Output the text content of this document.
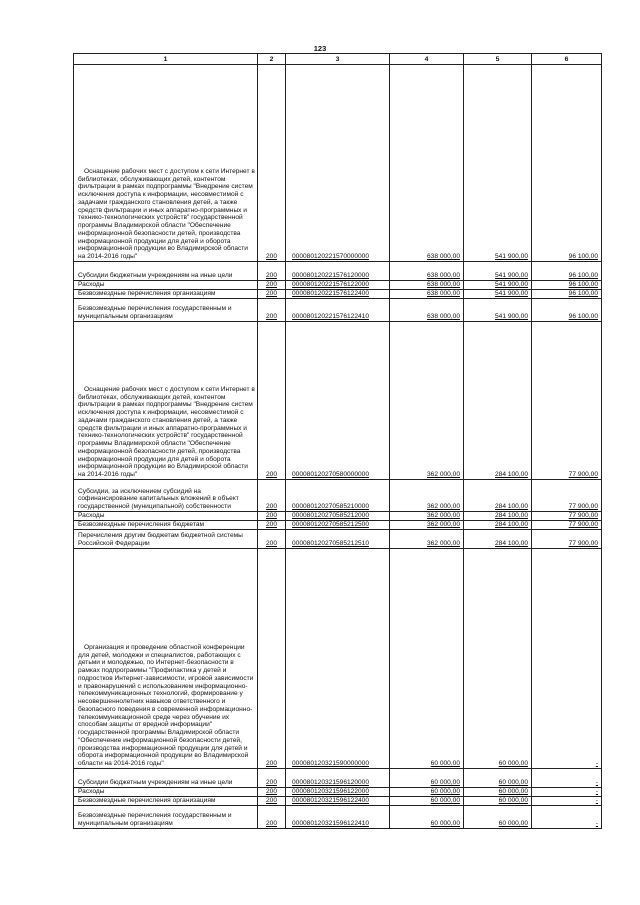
123
1	2	3	4	5	6

Оснащение рабочих мест с доступом к сети Интернет в библиотеках, обслуживающих детей, контентом фильтрации в рамках подпрограммы "Внедрение систем исключения доступа к информации, несовместимой с задачами гражданского становления детей, а также средств фильтрации и иных аппаратно-программных и технико-технологических устройств" государственной программы Владимирской области "Обеспечение информационной безопасности детей, производства информационной продукции для детей и оборота информационной продукции во Владимирской области на 2014-2016 годы"	200	000080120221570000000	638 000,00	541 900,00	96 100,00
Субсидии бюджетным учреждениям на иные цели	200	000080120221576120000	638 000,00	541 900,00	96 100,00
Расходы	200	000080120221576122000	638 000,00	541 900,00	96 100,00
Безвозмездные перечисления организациям	200	000080120221576122400	638 000,00	541 900,00	96 100,00
Безвозмездные перечисления государственным и муниципальным организациям	200	000080120221576122410	638 000,00	541 900,00	96 100,00

Оснащение рабочих мест с доступом к сети Интернет в библиотеках, обслуживающих детей, контентом фильтрации в рамках подпрограммы "Внедрение систем исключения доступа к информации, несовместимой с задачами гражданского становления детей, а также средств фильтрации и иных аппаратно-программных и технико-технологических устройств" государственной программы Владимирской области "Обеспечение информационной безопасности детей, производства информационной продукции для детей и оборота информационной продукции во Владимирской области на 2014-2016 годы"	200	000080120270580000000	362 000,00	284 100,00	77 900,00
Субсидии, за исключением субсидий на софинансирование капитальных вложений в объект государственной (муниципальной) собственности	200	000080120270585210000	362 000,00	284 100,00	77 900,00
Расходы	200	000080120270585212000	362 000,00	284 100,00	77 900,00
Безвозмездные перечисления бюджетам	200	000080120270585212500	362 000,00	284 100,00	77 900,00
Перечисления другим бюджетам бюджетной системы Российской Федерации	200	000080120270585212510	362 000,00	284 100,00	77 900,00

Организация и проведение областной конференции для детей, молодежи и специалистов, работающих с детьми и молодежью, по Интернет-безопасности в рамках подпрограммы "Профилактика у детей и подростков Интернет-зависимости, игровой зависимости и правонарушений с использованием информационно-телекоммуникационных технологий, формирование у несовершеннолетних навыков ответственного и безопасного поведения в современной информационно-телекоммуникационной среде через обучение их способам защиты от вредной информации" государственной программы Владимирской области "Обеспечение информационной безопасности детей, производства информационной продукции для детей и оборота информационной продукции во Владимирской области на 2014-2016 годы"	200	000080120321590000000	60 000,00	60 000,00	-
Субсидии бюджетным учреждениям на иные цели	200	000080120321596120000	60 000,00	60 000,00	-
Расходы	200	000080120321596122000	60 000,00	60 000,00	-
Безвозмездные перечисления организациям	200	000080120321596122400	60 000,00	60 000,00	-
Безвозмездные перечисления государственным и муниципальным организациям	200	000080120321596122410	60 000,00	60 000,00	-
